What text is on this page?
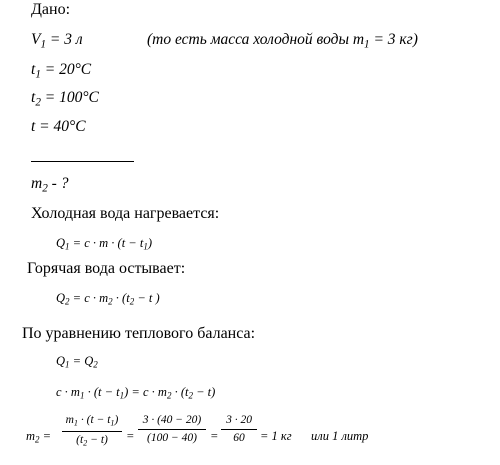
Дано:
$V_1 = 3$ л	(то есть масса холодной воды $m_1 = 3$ кг)
$t_1 = 20^\circ C$
$t_2 = 100^\circ C$
t = 40°C
$m_2$ - ?
Холодная вода нагревается:
$Q_1 = c \cdot m \cdot (t - t_1)$
Горячая вода остывает:
$Q_2 = c \cdot m_2 \cdot (t_2 - t$ )
По уравнению теплового баланса:
$Q_1 = Q_2$
$c \cdot m_1 \cdot (t - t_1) = c \cdot m_2 \cdot (t_2 - t)$
$m_2$ =
$m_1 \cdot (t - t_1)$
$(t_2 - t)$	=
3 · (40 − 20)
(100 − 40)	=
3 · 20
60	= 1 кг или 1 литр
